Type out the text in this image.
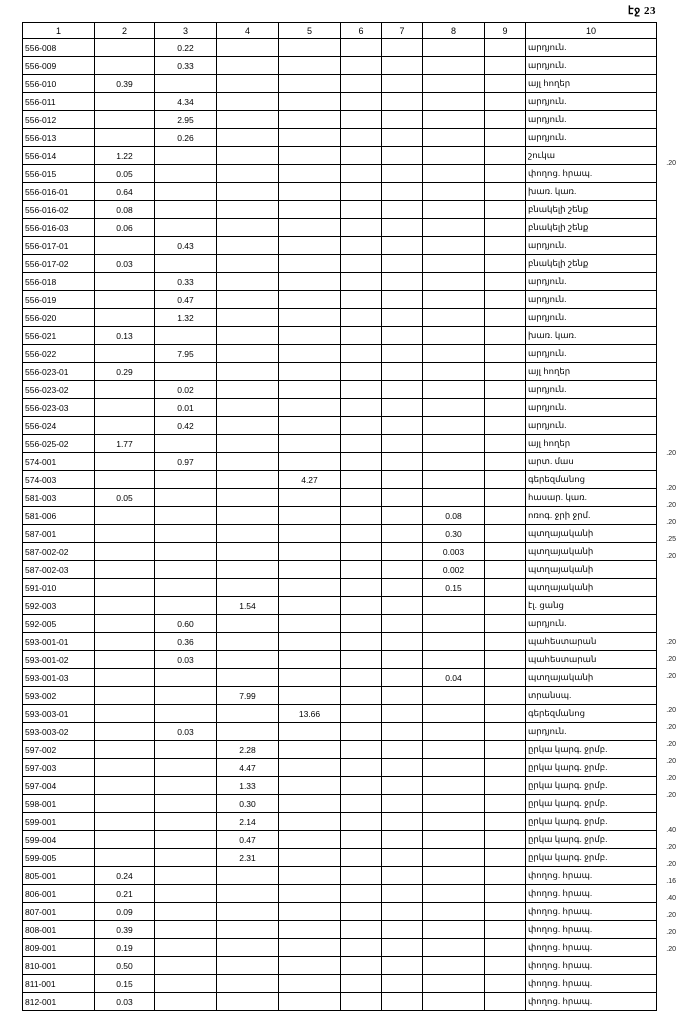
էջ 23
1	2	3	4	5	6	7	8	9	10
556-008		0.22							արդյուն.
556-009		0.33							արդյուն.
556-010	0.39								այլ հողեր
556-011		4.34							արդյուն.
556-012		2.95							արդյուն.
556-013		0.26							արդյուն.
556-014	1.22								շուկա
556-015	0.05								փողոց. հրապ.
556-016-01	0.64								խառ. կառ.
556-016-02	0.08								բնակելի շենք
556-016-03	0.06								բնակելի շենք
556-017-01		0.43							արդյուն.
556-017-02	0.03								բնակելի շենք
556-018		0.33							արդյուն.
556-019		0.47							արդյուն.
556-020		1.32							արդյուն.
556-021	0.13								խառ. կառ.
556-022		7.95							արդյուն.
556-023-01	0.29								այլ հողեր
556-023-02		0.02							արդյուն.
556-023-03		0.01							արդյուն.
556-024		0.42							արդյուն.
556-025-02	1.77								այլ հողեր
574-001		0.97							արտ. մաս
574-003				4.27					գերեզմանոց
581-003	0.05								հասար. կառ.
581-006							0.08		ոռոգ. ջրի ջրմ.
587-001							0.30		պտղայականի
587-002-02							0.003		պտղայականի
587-002-03							0.002		պտղայականի
591-010							0.15		պտղայականի
592-003			1.54						էլ. ցանց
592-005		0.60							արդյուն.
593-001-01		0.36							պահեստարան
593-001-02		0.03							պահեստարան
593-001-03							0.04		պտղայականի
593-002			7.99						տրանսպ.
593-003-01				13.66					գերեզմանոց
593-003-02		0.03							արդյուն.
597-002			2.28						ըրկա կարգ. ջրմբ.
597-003			4.47						ըրկա կարգ. ջրմբ.
597-004			1.33						ըրկա կարգ. ջրմբ.
598-001			0.30						ըրկա կարգ. ջրմբ.
599-001			2.14						ըրկա կարգ. ջրմբ.
599-004			0.47						ըրկա կարգ. ջրմբ.
599-005			2.31						ըրկա կարգ. ջրմբ.
805-001	0.24								փողոց. հրապ.
806-001	0.21								փողոց. հրապ.
807-001	0.09								փողոց. հրապ.
808-001	0.39								փողոց. հրապ.
809-001	0.19								փողոց. հրապ.
810-001	0.50								փողոց. հրապ.
811-001	0.15								փողոց. հրապ.
812-001	0.03								փողոց. հրապ.
.20
.20
.20
.20
.20
.25
.20
.20
.20
.20
.20
.20
.20
.20
.20
.20
.40
.20
.20
.16
.40
.20
.20
.20
